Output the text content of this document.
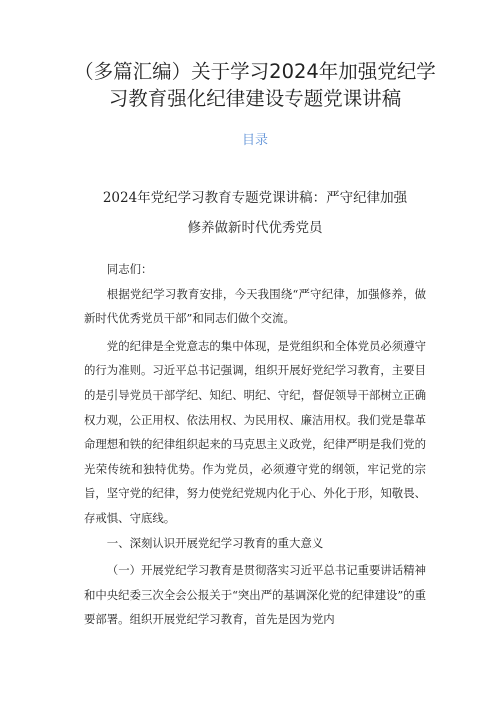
（多篇汇编）关于学习2024年加强党纪学
习教育强化纪律建设专题党课讲稿
目录
2024年党纪学习教育专题党课讲稿：严守纪律加强
修养做新时代优秀党员

同志们：

根据党纪学习教育安排，今天我围绕“严守纪律，加强修养，做新时代优秀党员干部”和同志们做个交流。

党的纪律是全党意志的集中体现，是党组织和全体党员必须遵守的行为准则。习近平总书记强调，组织开展好党纪学习教育，主要目的是引导党员干部学纪、知纪、明纪、守纪，督促领导干部树立正确权力观，公正用权、依法用权、为民用权、廉洁用权。我们党是靠革命理想和铁的纪律组织起来的马克思主义政党，纪律严明是我们党的光荣传统和独特优势。作为党员，必须遵守党的纲领，牢记党的宗旨，坚守党的纪律，努力使党纪党规内化于心、外化于形，知敬畏、存戒惧、守底线。

一、深刻认识开展党纪学习教育的重大意义

（一）开展党纪学习教育是贯彻落实习近平总书记重要讲话精神和中央纪委三次全会公报关于“突出严的基调深化党的纪律建设”的重要部署。组织开展党纪学习教育，首先是因为党内
